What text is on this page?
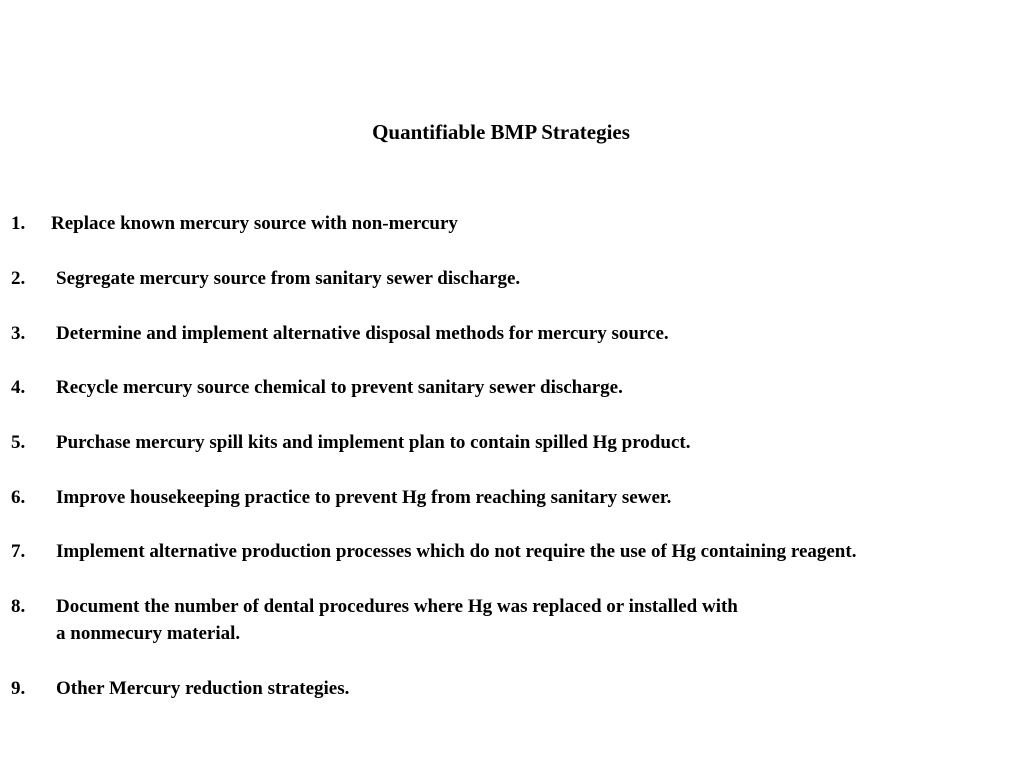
Quantifiable BMP Strategies
1. Replace known mercury source with non-mercury
2. Segregate mercury source from sanitary sewer discharge.
3. Determine and implement alternative disposal methods for mercury source.
4. Recycle mercury source chemical to prevent sanitary sewer discharge.
5. Purchase mercury spill kits and implement plan to contain spilled Hg product.
6. Improve housekeeping practice to prevent Hg from reaching sanitary sewer.
7. Implement alternative production processes which do not require the use of Hg containing reagent.
8. Document the number of dental procedures where Hg was replaced or installed with
a nonmecury material.
9. Other Mercury reduction strategies.
